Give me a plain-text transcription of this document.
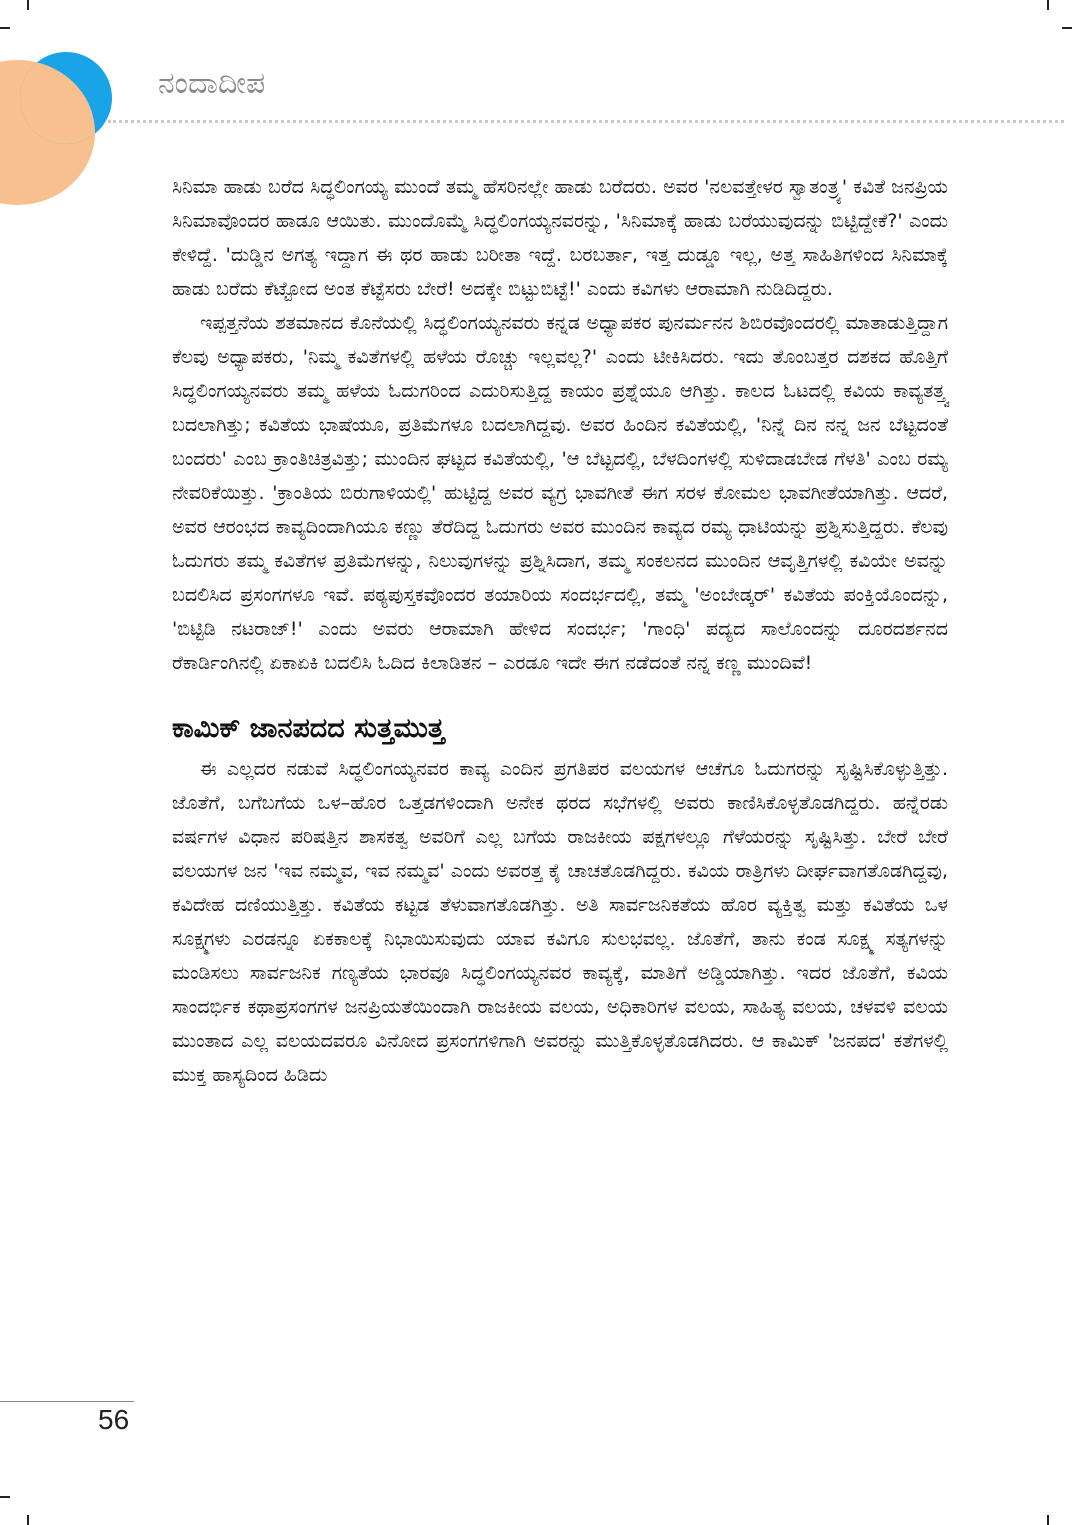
ನಂದಾದೀಪ

ಸಿನಿಮಾ ಹಾಡು ಬರೆದ ಸಿದ್ಧಲಿಂಗಯ್ಯ ಮುಂದೆ ತಮ್ಮ ಹೆಸರಿನಲ್ಲೇ ಹಾಡು ಬರೆದರು. ಅವರ 'ನಲವತ್ತೇಳರ ಸ್ವಾತಂತ್ರ್ಯ' ಕವಿತೆ ಜನಪ್ರಿಯ ಸಿನಿಮಾವೊಂದರ ಹಾಡೂ ಆಯಿತು. ಮುಂದೊಮ್ಮೆ ಸಿದ್ಧಲಿಂಗಯ್ಯನವರನ್ನು, 'ಸಿನಿಮಾಕ್ಕೆ ಹಾಡು ಬರೆಯುವುದನ್ನು ಬಿಟ್ಟಿದ್ದೇಕೆ?' ಎಂದು ಕೇಳಿದ್ದೆ. 'ದುಡ್ಡಿನ ಅಗತ್ಯ ಇದ್ದಾಗ ಈ ಥರ ಹಾಡು ಬರೀತಾ ಇದ್ದೆ. ಬರಬರ್ತಾ, ಇತ್ತ ದುಡ್ಡೂ ಇಲ್ಲ, ಅತ್ತ ಸಾಹಿತಿಗಳಿಂದ ಸಿನಿಮಾಕ್ಕೆ ಹಾಡು ಬರೆದು ಕೆಟ್ಟೋದ ಅಂತ ಕೆಟ್ಟೆಸರು ಬೇರೆ! ಅದಕ್ಕೇ ಬಿಟ್ಟುಬಿಟ್ಟೆ!' ಎಂದು ಕವಿಗಳು ಆರಾಮಾಗಿ ನುಡಿದಿದ್ದರು.

ಇಪ್ಪತ್ತನೆಯ ಶತಮಾನದ ಕೊನೆಯಲ್ಲಿ ಸಿದ್ಧಲಿಂಗಯ್ಯನವರು ಕನ್ನಡ ಅಧ್ಯಾಪಕರ ಪುನರ್ಮನನ ಶಿಬಿರವೊಂದರಲ್ಲಿ ಮಾತಾಡುತ್ತಿದ್ದಾಗ ಕೆಲವು ಅಧ್ಯಾಪಕರು, 'ನಿಮ್ಮ ಕವಿತೆಗಳಲ್ಲಿ ಹಳೆಯ ರೊಚ್ಚು ಇಲ್ಲವಲ್ಲ?' ಎಂದು ಟೀಕಿಸಿದರು. ಇದು ತೊಂಬತ್ತರ ದಶಕದ ಹೊತ್ತಿಗೆ ಸಿದ್ಧಲಿಂಗಯ್ಯನವರು ತಮ್ಮ ಹಳೆಯ ಓದುಗರಿಂದ ಎದುರಿಸುತ್ತಿದ್ದ ಕಾಯಂ ಪ್ರಶ್ನೆಯೂ ಆಗಿತ್ತು. ಕಾಲದ ಓಟದಲ್ಲಿ ಕವಿಯ ಕಾವ್ಯತತ್ತ್ವ ಬದಲಾಗಿತ್ತು; ಕವಿತೆಯ ಭಾಷೆಯೂ, ಪ್ರತಿಮೆಗಳೂ ಬದಲಾಗಿದ್ದವು. ಅವರ ಹಿಂದಿನ ಕವಿತೆಯಲ್ಲಿ, 'ನಿನ್ನೆ ದಿನ ನನ್ನ ಜನ ಬೆಟ್ಟದಂತೆ ಬಂದರು' ಎಂಬ ಕ್ರಾಂತಿಚಿತ್ರವಿತ್ತು; ಮುಂದಿನ ಘಟ್ಟದ ಕವಿತೆಯಲ್ಲಿ, 'ಆ ಬೆಟ್ಟದಲ್ಲಿ, ಬೆಳದಿಂಗಳಲ್ಲಿ ಸುಳಿದಾಡಬೇಡ ಗೆಳತಿ' ಎಂಬ ರಮ್ಯ ನೇವರಿಕೆಯಿತ್ತು. 'ಕ್ರಾಂತಿಯ ಬಿರುಗಾಳಿಯಲ್ಲಿ' ಹುಟ್ಟಿದ್ದ ಅವರ ವ್ಯಗ್ರ ಭಾವಗೀತೆ ಈಗ ಸರಳ ಕೋಮಲ ಭಾವಗೀತೆಯಾಗಿತ್ತು. ಆದರೆ, ಅವರ ಆರಂಭದ ಕಾವ್ಯದಿಂದಾಗಿಯೂ ಕಣ್ಣು ತೆರೆದಿದ್ದ ಓದುಗರು ಅವರ ಮುಂದಿನ ಕಾವ್ಯದ ರಮ್ಯ ಧಾಟಿಯನ್ನು ಪ್ರಶ್ನಿಸುತ್ತಿದ್ದರು. ಕೆಲವು ಓದುಗರು ತಮ್ಮ ಕವಿತೆಗಳ ಪ್ರತಿಮೆಗಳನ್ನು, ನಿಲುವುಗಳನ್ನು ಪ್ರಶ್ನಿಸಿದಾಗ, ತಮ್ಮ ಸಂಕಲನದ ಮುಂದಿನ ಆವೃತ್ತಿಗಳಲ್ಲಿ ಕವಿಯೇ ಅವನ್ನು ಬದಲಿಸಿದ ಪ್ರಸಂಗಗಳೂ ಇವೆ. ಪಠ್ಯಪುಸ್ತಕವೊಂದರ ತಯಾರಿಯ ಸಂದರ್ಭದಲ್ಲಿ, ತಮ್ಮ 'ಅಂಬೇಡ್ಕರ್' ಕವಿತೆಯ ಪಂಕ್ತಿಯೊಂದನ್ನು, 'ಬಿಟ್ಟಿಡಿ ನಟರಾಜ್!' ಎಂದು ಅವರು ಆರಾಮಾಗಿ ಹೇಳಿದ ಸಂದರ್ಭ; 'ಗಾಂಧಿ' ಪದ್ಯದ ಸಾಲೊಂದನ್ನು ದೂರದರ್ಶನದ ರೆಕಾರ್ಡಿಂಗಿನಲ್ಲಿ ಏಕಾಏಕಿ ಬದಲಿಸಿ ಓದಿದ ಕಿಲಾಡಿತನ – ಎರಡೂ ಇದೇ ಈಗ ನಡೆದಂತೆ ನನ್ನ ಕಣ್ಣ ಮುಂದಿವೆ!

ಕಾಮಿಕ್ ಜಾನಪದದ ಸುತ್ತಮುತ್ತ

ಈ ಎಲ್ಲದರ ನಡುವೆ ಸಿದ್ಧಲಿಂಗಯ್ಯನವರ ಕಾವ್ಯ ಎಂದಿನ ಪ್ರಗತಿಪರ ವಲಯಗಳ ಆಚೆಗೂ ಓದುಗರನ್ನು ಸೃಷ್ಟಿಸಿಕೊಳ್ಳುತ್ತಿತ್ತು. ಜೊತೆಗೆ, ಬಗೆಬಗೆಯ ಒಳ–ಹೊರ ಒತ್ತಡಗಳಿಂದಾಗಿ ಅನೇಕ ಥರದ ಸಭೆಗಳಲ್ಲಿ ಅವರು ಕಾಣಿಸಿಕೊಳ್ಳತೊಡಗಿದ್ದರು. ಹನ್ನೆರಡು ವರ್ಷಗಳ ವಿಧಾನ ಪರಿಷತ್ತಿನ ಶಾಸಕತ್ವ ಅವರಿಗೆ ಎಲ್ಲ ಬಗೆಯ ರಾಜಕೀಯ ಪಕ್ಷಗಳಲ್ಲೂ ಗೆಳೆಯರನ್ನು ಸೃಷ್ಟಿಸಿತ್ತು. ಬೇರೆ ಬೇರೆ ವಲಯಗಳ ಜನ 'ಇವ ನಮ್ಮವ, ಇವ ನಮ್ಮವ' ಎಂದು ಅವರತ್ತ ಕೈ ಚಾಚತೊಡಗಿದ್ದರು. ಕವಿಯ ರಾತ್ರಿಗಳು ದೀರ್ಘವಾಗತೊಡಗಿದ್ದವು, ಕವಿದೇಹ ದಣಿಯುತ್ತಿತ್ತು. ಕವಿತೆಯ ಕಟ್ಟಡ ತೆಳುವಾಗತೊಡಗಿತ್ತು. ಅತಿ ಸಾರ್ವಜನಿಕತೆಯ ಹೊರ ವ್ಯಕ್ತಿತ್ವ ಮತ್ತು ಕವಿತೆಯ ಒಳ ಸೂಕ್ಷ್ಮಗಳು ಎರಡನ್ನೂ ಏಕಕಾಲಕ್ಕೆ ನಿಭಾಯಿಸುವುದು ಯಾವ ಕವಿಗೂ ಸುಲಭವಲ್ಲ. ಜೊತೆಗೆ, ತಾನು ಕಂಡ ಸೂಕ್ಷ್ಮ ಸತ್ಯಗಳನ್ನು ಮಂಡಿಸಲು ಸಾರ್ವಜನಿಕ ಗಣ್ಯತೆಯ ಭಾರವೂ ಸಿದ್ಧಲಿಂಗಯ್ಯನವರ ಕಾವ್ಯಕ್ಕೆ, ಮಾತಿಗೆ ಅಡ್ಡಿಯಾಗಿತ್ತು. ಇದರ ಜೊತೆಗೆ, ಕವಿಯ ಸಾಂದರ್ಭಿಕ ಕಥಾಪ್ರಸಂಗಗಳ ಜನಪ್ರಿಯತೆಯಿಂದಾಗಿ ರಾಜಕೀಯ ವಲಯ, ಅಧಿಕಾರಿಗಳ ವಲಯ, ಸಾಹಿತ್ಯ ವಲಯ, ಚಳವಳಿ ವಲಯ ಮುಂತಾದ ಎಲ್ಲ ವಲಯದವರೂ ವಿನೋದ ಪ್ರಸಂಗಗಳಿಗಾಗಿ ಅವರನ್ನು ಮುತ್ತಿಕೊಳ್ಳತೊಡಗಿದರು. ಆ ಕಾಮಿಕ್ 'ಜನಪದ' ಕತೆಗಳಲ್ಲಿ ಮುಕ್ತ ಹಾಸ್ಯದಿಂದ ಹಿಡಿದು

56
